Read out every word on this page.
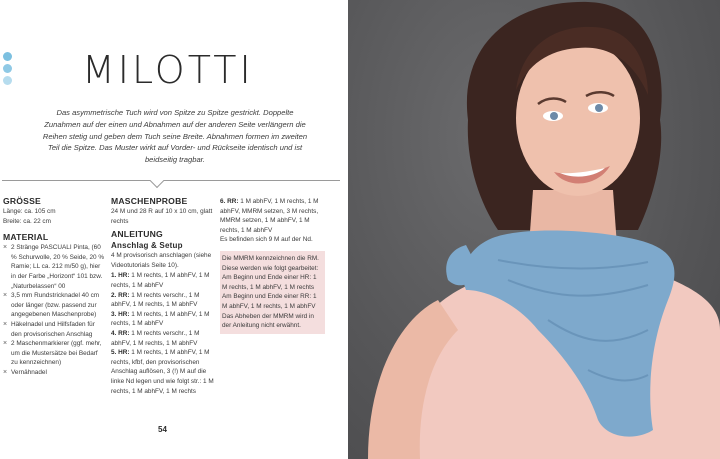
MILOTTI
Das asymmetrische Tuch wird von Spitze zu Spitze gestrickt. Doppelte Zunahmen auf der einen und Abnahmen auf der anderen Seite verlängern die Reihen stetig und geben dem Tuch seine Breite. Abnahmen formen im zweiten Teil die Spitze. Das Muster wirkt auf Vorder- und Rückseite identisch und ist beidseitig tragbar.
GRÖSSE
Länge: ca. 105 cm
Breite: ca. 22 cm
MATERIAL
× 2 Stränge PASCUALI Pinta, (60 % Schurwolle, 20 % Seide, 20 % Ramie; LL ca. 212 m/50 g), hier in der Farbe „Horizont“ 101 bzw. „Naturbelassen“ 00
× 3,5 mm Rundstricknadel 40 cm oder länger (bzw. passend zur angegebenen Maschenprobe)
× Häkelnadel und Hilfsfaden für den provisorischen Anschlag
× 2 Maschenmarkierer (ggf. mehr, um die Mustersätze bei Bedarf zu kennzeichnen)
× Vernähnadel
MASCHENPROBE
24 M und 28 R auf 10 x 10 cm, glatt rechts
ANLEITUNG
Anschlag & Setup
4 M provisorisch anschlagen (siehe Videotutorials Seite 10).
1. HR: 1 M rechts, 1 M abhFV, 1 M rechts, 1 M abhFV
2. RR: 1 M rechts verschr., 1 M abhFV, 1 M rechts, 1 M abhFV
3. HR: 1 M rechts, 1 M abhFV, 1 M rechts, 1 M abhFV
4. RR: 1 M rechts verschr., 1 M abhFV, 1 M rechts, 1 M abhFV
5. HR: 1 M rechts, 1 M abhFV, 1 M rechts, kfbf, den provisorischen Anschlag auflösen, 3 (!) M auf die linke Nd legen und wie folgt str.: 1 M rechts, 1 M abhFV, 1 M rechts
6. RR: 1 M abhFV, 1 M rechts, 1 M abhFV, MMRM setzen, 3 M rechts, MMRM setzen, 1 M abhFV, 1 M rechts, 1 M abhFV
Es befinden sich 9 M auf der Nd.
Die MMRM kennzeichnen die RM. Diese werden wie folgt gearbeitet: Am Beginn und Ende einer HR: 1 M rechts, 1 M abhFV, 1 M rechts Am Beginn und Ende einer RR: 1 M abhFV, 1 M rechts, 1 M abhFV Das Abheben der MMRM wird in der Anleitung nicht erwähnt.
54
